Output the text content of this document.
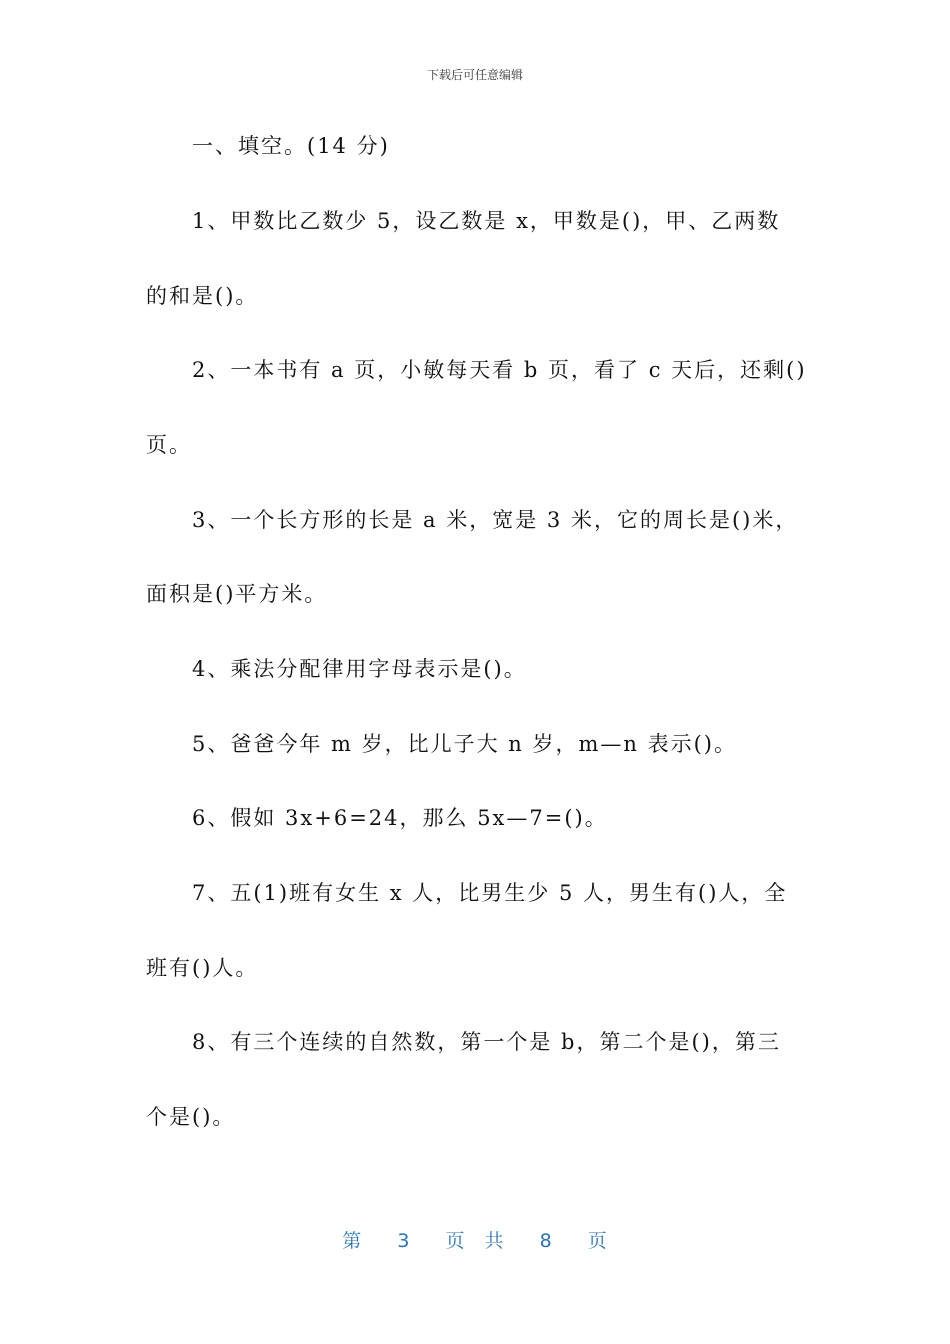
下载后可任意编辑
一、填空。(14 分)
1、甲数比乙数少 5，设乙数是 x，甲数是()，甲、乙两数
的和是()。
2、一本书有 a 页，小敏每天看 b 页，看了 c 天后，还剩()
页。
3、一个长方形的长是 a 米，宽是 3 米，它的周长是()米，
面积是()平方米。
4、乘法分配律用字母表示是()。
5、爸爸今年 m 岁，比儿子大 n 岁，m—n 表示()。
6、假如 3x+6=24，那么 5x—7=()。
7、五(1)班有女生 x 人，比男生少 5 人，男生有()人，全
班有()人。
8、有三个连续的自然数，第一个是 b，第二个是()，第三
个是()。
第 3 页 共 8 页
